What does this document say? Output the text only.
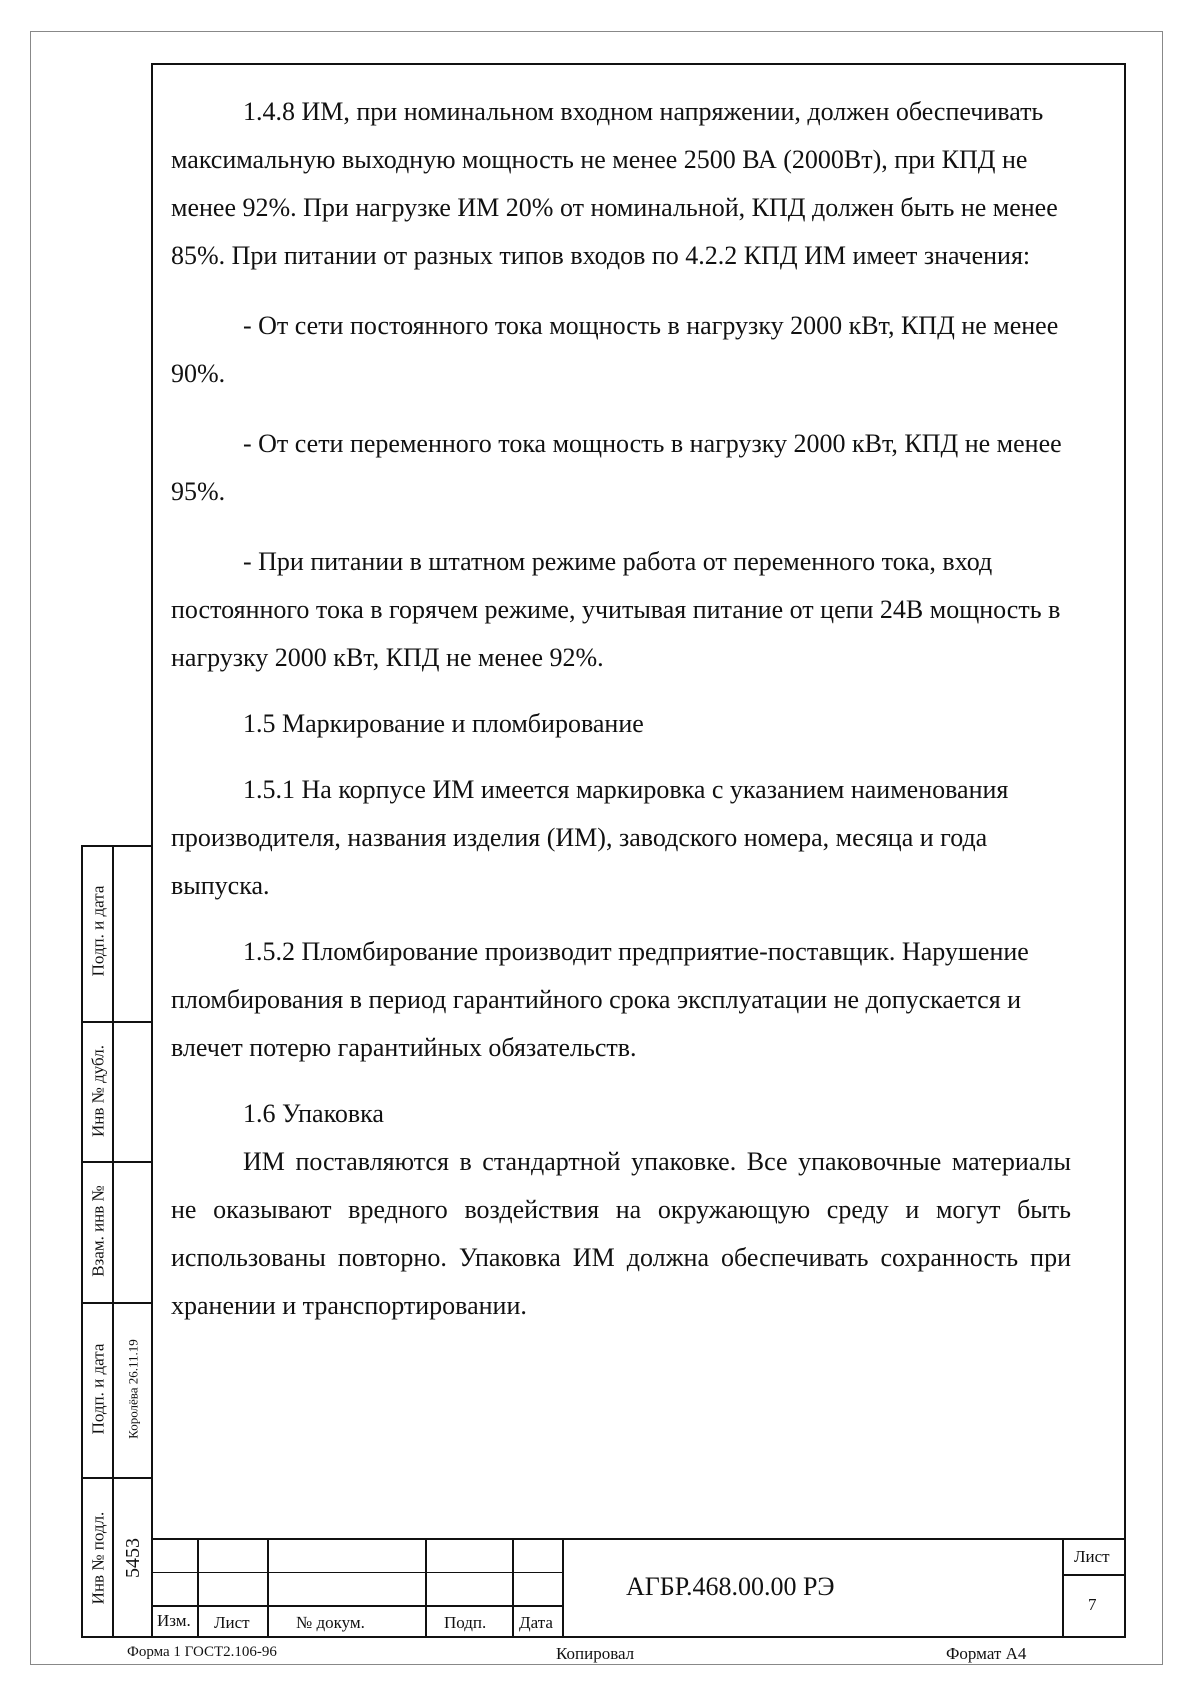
1.4.8 ИМ, при номинальном входном напряжении, должен обеспечивать максимальную выходную мощность не менее 2500 ВА (2000Вт), при КПД не менее 92%. При нагрузке ИМ 20% от номинальной, КПД должен быть не менее 85%. При питании от разных типов входов по 4.2.2 КПД ИМ имеет значения:

- От сети постоянного тока мощность в нагрузку 2000 кВт, КПД не менее 90%.

- От сети переменного тока мощность в нагрузку 2000 кВт, КПД не менее 95%.

- При питании в штатном режиме работа от переменного тока, вход постоянного тока в горячем режиме, учитывая питание от цепи 24В мощность в нагрузку 2000 кВт, КПД не менее 92%.

1.5 Маркирование и пломбирование

1.5.1 На корпусе ИМ имеется маркировка с указанием наименования производителя, названия изделия (ИМ), заводского номера, месяца и года выпуска.

1.5.2 Пломбирование производит предприятие-поставщик. Нарушение пломбирования в период гарантийного срока эксплуатации не допускается и влечет потерю гарантийных обязательств.

1.6 Упаковка

ИМ поставляются в стандартной упаковке. Все упаковочные материалы не оказывают вредного воздействия на окружающую среду и могут быть использованы повторно. Упаковка ИМ должна обеспечивать сохранность при хранении и транспортировании.

Подп. и дата
Инв № дубл.
Взам. инв №
Подп. и дата Королёва 26.11.19
Инв № подл. 5453
Изм. Лист	№ докум.	Подп. Дата
АГБР.468.00.00 РЭ
Лист
7
Форма 1 ГОСТ2.106-96	Копировал	Формат А4
